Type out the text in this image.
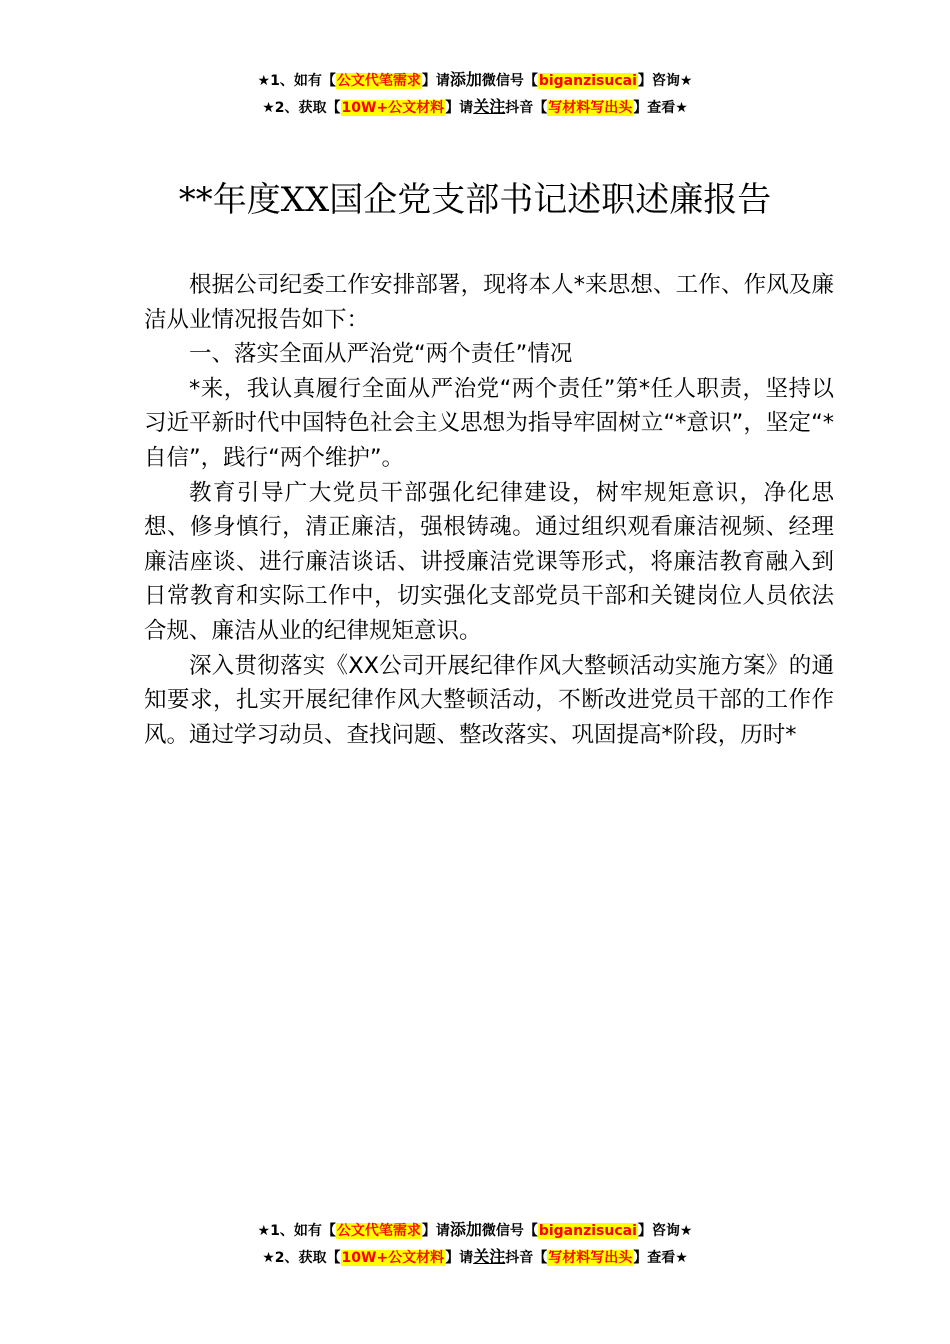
★1、如有【公文代笔需求】请添加微信号【biganzisucai】咨询★
★2、获取【10W+公文材料】请关注抖音【写材料写出头】查看★
**年度XX国企党支部书记述职述廉报告

根据公司纪委工作安排部署，现将本人*来思想、工作、作风及廉洁从业情况报告如下：

一、落实全面从严治党“两个责任”情况

*来，我认真履行全面从严治党“两个责任”第*任人职责，坚持以习近平新时代中国特色社会主义思想为指导牢固树立“*意识”，坚定“*自信”，践行“两个维护”。

教育引导广大党员干部强化纪律建设，树牢规矩意识，净化思想、修身慎行，清正廉洁，强根铸魂。通过组织观看廉洁视频、经理廉洁座谈、进行廉洁谈话、讲授廉洁党课等形式，将廉洁教育融入到日常教育和实际工作中，切实强化支部党员干部和关键岗位人员依法合规、廉洁从业的纪律规矩意识。

深入贯彻落实《XX公司开展纪律作风大整顿活动实施方案》的通知要求，扎实开展纪律作风大整顿活动，不断改进党员干部的工作作风。通过学习动员、查找问题、整改落实、巩固提高*阶段，历时*

★1、如有【公文代笔需求】请添加微信号【biganzisucai】咨询★
★2、获取【10W+公文材料】请关注抖音【写材料写出头】查看★
